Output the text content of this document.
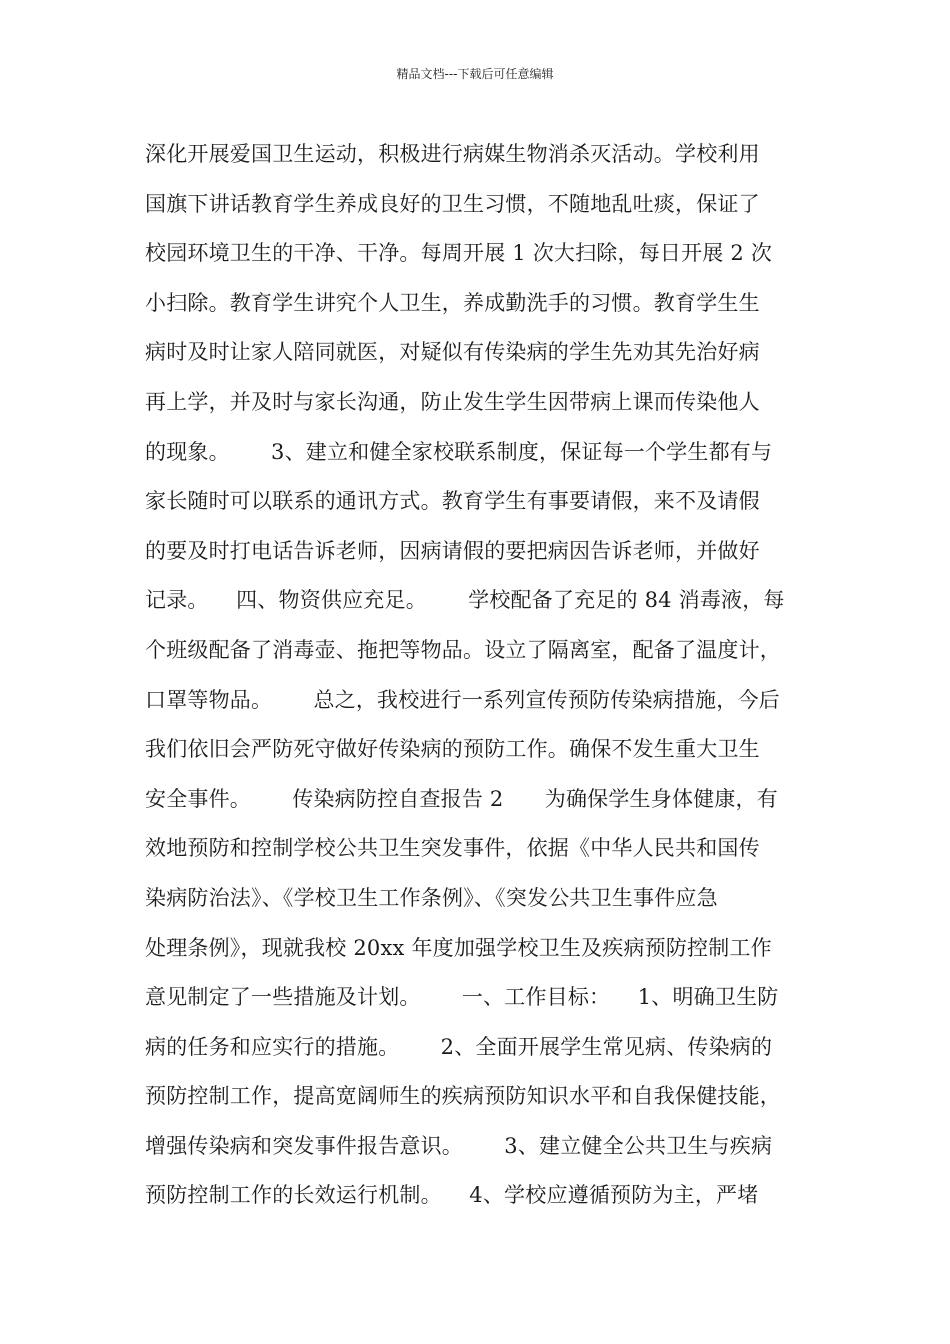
精品文档---下载后可任意编辑
深化开展爱国卫生运动，积极进行病媒生物消杀灭活动。学校利用
国旗下讲话教育学生养成良好的卫生习惯，不随地乱吐痰，保证了
校园环境卫生的干净、干净。每周开展 1 次大扫除，每日开展 2 次
小扫除。教育学生讲究个人卫生，养成勤洗手的习惯。教育学生生
病时及时让家人陪同就医，对疑似有传染病的学生先劝其先治好病
再上学，并及时与家长沟通，防止发生学生因带病上课而传染他人
的现象。      3、建立和健全家校联系制度，保证每一个学生都有与
家长随时可以联系的通讯方式。教育学生有事要请假，来不及请假
的要及时打电话告诉老师，因病请假的要把病因告诉老师，并做好
记录。    四、物资供应充足。      学校配备了充足的 84 消毒液，每
个班级配备了消毒壶、拖把等物品。设立了隔离室，配备了温度计，
口罩等物品。      总之，我校进行一系列宣传预防传染病措施，今后
我们依旧会严防死守做好传染病的预防工作。确保不发生重大卫生
安全事件。      传染病防控自查报告 2      为确保学生身体健康，有
效地预防和控制学校公共卫生突发事件，依据《中华人民共和国传
染病防治法》、《学校卫生工作条例》、《突发公共卫生事件应急
处理条例》，现就我校 20xx 年度加强学校卫生及疾病预防控制工作
意见制定了一些措施及计划。      一、工作目标：    1、明确卫生防
病的任务和应实行的措施。      2、全面开展学生常见病、传染病的
预防控制工作，提高宽阔师生的疾病预防知识水平和自我保健技能，
增强传染病和突发事件报告意识。      3、建立健全公共卫生与疾病
预防控制工作的长效运行机制。    4、学校应遵循预防为主，严堵
